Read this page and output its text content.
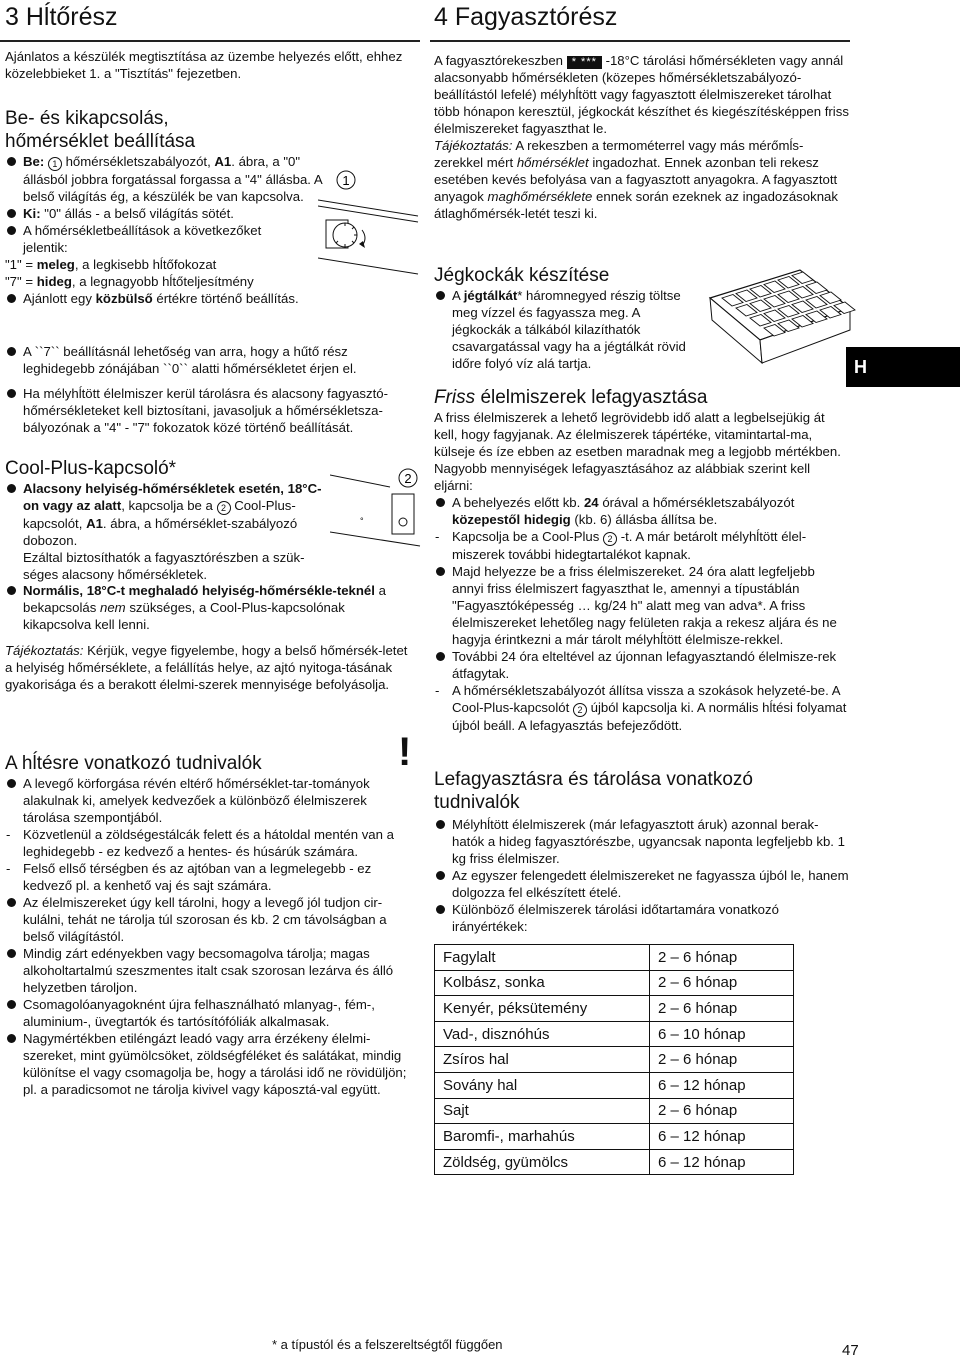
3 Hĺtőrész

Ajánlatos a készülék megtisztítása az üzembe helyezés előtt, ehhez közelebbieket 1. a "Tisztítás" fejezetben.

Be- és kikapcsolás,
hőmérséklet beállítása

Be: 1 hőmérsékletszabályozót, A1. ábra, a "0" állásból jobbra forgatással forgassa a "4" állásba. A belső világítás ég, a készülék be van kapcsolva.

Ki: "0" állás - a belső világítás sötét.

A hőmérsékletbeállítások a következőket jelentik:

"1" = meleg, a legkisebb hĺtőfokozat

"7" = hideg, a legnagyobb hĺtőteljesítmény

Ajánlott egy közbülső értékre történő beállítás.

1

A ``7`` beállításnál lehetőség van arra, hogy a hűtő rész leghidegebb zónájában ``0`` alatti hőmérsékletet érjen el.

Ha mélyhĺtött élelmiszer kerül tárolásra és alacsony fagyasztó-hőmérsékleteket kell biztosítani, javasoljuk a hőmérsékletsza-bályozónak a "4" - "7" fokozatok közé történő beállítását.

Cool-Plus-kapcsoló*

Alacsony helyiség-hőmérsékletek esetén, 18°C-on vagy az alatt, kapcsolja be a 2 Cool-Plus-kapcsolót, A1. ábra, a hőmérséklet-szabályozó dobozon.

Ezáltal biztosíthatók a fagyasztórészben a szük-séges alacsony hőmérsékletek.

Normális, 18°C-t meghaladó helyiség-hőmérsékle-teknél a bekapcsolás nem szükséges, a Cool-Plus-kapcsolónak kikapcsolva kell lenni.

Tájékoztatás: Kérjük, vegye figyelembe, hogy a belső hőmérsék-letet a helyiség hőmérséklete, a felállítás helye, az ajtó nyitoga-tásának gyakorisága és a berakott élelmi-szerek mennyisége befolyásolja.

2
°
A hĺtésre vonatkozó tudnivalók

A levegő körforgása révén eltérő hőmérséklet-tar-tományok alakulnak ki, amelyek kedvezőek a különböző élelmiszerek tárolása szempontjából.

- Közvetlenül a zöldségestálcák felett és a hátoldal mentén van a leghidegebb - ez kedvező a hentes- és húsárúk számára.

- Felső ellső térségben és az ajtóban van a legmelegebb - ez kedvező pl. a kenhető vaj és sajt számára.

Az élelmiszereket úgy kell tárolni, hogy a levegő jól tudjon cir-kulálni, tehát ne tárolja túl szorosan és kb. 2 cm távolságban a belső világítástól.

Mindig zárt edényekben vagy becsomagolva tárolja; magas alkoholtartalmú szeszmentes italt csak szorosan lezárva és álló helyzetben tároljon.

Csomagolóanyagoknént újra felhasználható mlanyag-, fém-, aluminium-, üvegtartók és tartósítófóliák alkalmasak.

Nagymértékben etiléngázt leadó vagy arra érzékeny élelmi-szereket, mint gyümölcsöket, zöldségféléket és salátákat, mindig különítse el vagy csomagolja be, hogy a tárolási idő ne rövidüljön; pl. a paradicsomot ne tárolja kivivel vagy káposztá-val együtt.

!
4 Fagyasztórész

A fagyasztórekeszben * *** -18°C tárolási hőmérsékleten vagy annál alacsonyabb hőmérsékleten (közepes hőmérsékletszabályozó-beállítástól lefelé) mélyhĺtött vagy fagyasztott élelmiszereket tárolhat több hónapon keresztül, jégkockát készíthet és kiegészítésképpen friss élelmiszereket fagyaszthat le.

Tájékoztatás: A rekeszben a termométerrel vagy más mérőmĺs-zerekkel mért hőmérséklet ingadozhat. Ennek azonban teli rekesz esetében kevés befolyása van a fagyasztott anyagokra. A fagyasztott anyagok maghőmérséklete ennek során ezeknek az ingadozásoknak átlaghőmérsék-letét teszi ki.

Jégkockák készítése

A jégtálkát* háromnegyed részig töltse meg vízzel és fagyassza meg. A jégkockák a tálkából kilazíthatók csavargatással vagy ha a jégtálkát rövid időre folyó víz alá tartja.	H
Friss élelmiszerek lefagyasztása

A friss élelmiszerek a lehető legrövidebb idő alatt a legbelsejükig át kell, hogy fagyjanak. Az élelmiszerek tápértéke, vitamintartal-ma, külseje és íze ebben az esetben maradnak meg a legjobb mértékben. Nagyobb mennyiségek lefagyasztásához az alábbiak szerint kell eljárni:

A behelyezés előtt kb. 24 órával a hőmérsékletszabályozót közepestől hidegig (kb. 6) állásba állítsa be.

- Kapcsolja be a Cool-Plus 2 -t. A már betárolt mélyhĺtött élel-miszerek további hidegtartalékot kapnak.

Majd helyezze be a friss élelmiszereket. 24 óra alatt legfeljebb annyi friss élelmiszert fagyaszthat le, amennyi a típustáblán "Fagyasztóképesség … kg/24 h" alatt meg van adva*. A friss élelmiszereket lehetőleg nagy felületen rakja a rekesz aljára és ne hagyja érintkezni a már tárolt mélyhĺtött élelmisze-rekkel.

További 24 óra elteltével az újonnan lefagyasztandó élelmisze-rek átfagytak.

- A hőmérsékletszabályozót állítsa vissza a szokások helyzeté-be. A Cool-Plus-kapcsolót 2 újból kapcsolja ki. A normális hĺtési folyamat újból beáll. A lefagyasztás befejeződött.

Lefagyasztásra és tárolása vonatkozó
tudnivalók

Mélyhĺtött élelmiszerek (már lefagyasztott áruk) azonnal berak-hatók a hideg fagyasztórészbe, ugyancsak naponta legfeljebb kb. 1 kg friss élelmiszer.

Az egyszer felengedett élelmiszereket ne fagyassza újból le, hanem dolgozza fel elkészített ételé.

Különböző élelmiszerek tárolási időtartamára vonatkozó irányértékek:

Fagylalt	2 – 6 hónap
Kolbász, sonka	2 – 6 hónap
Kenyér, péksütemény	2 – 6 hónap
Vad-, disznóhús	6 – 10 hónap
Zsíros hal	2 – 6 hónap
Sovány hal	6 – 12 hónap
Sajt	2 – 6 hónap
Baromfi-, marhahús	6 – 12 hónap
Zöldség, gyümölcs	6 – 12 hónap
* a típustól és a felszereltségtől függően	47
